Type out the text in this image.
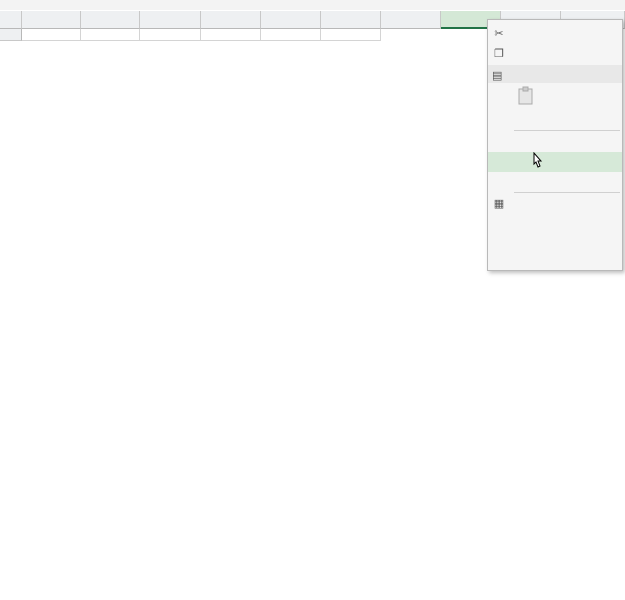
✂
❐
▤
▦
